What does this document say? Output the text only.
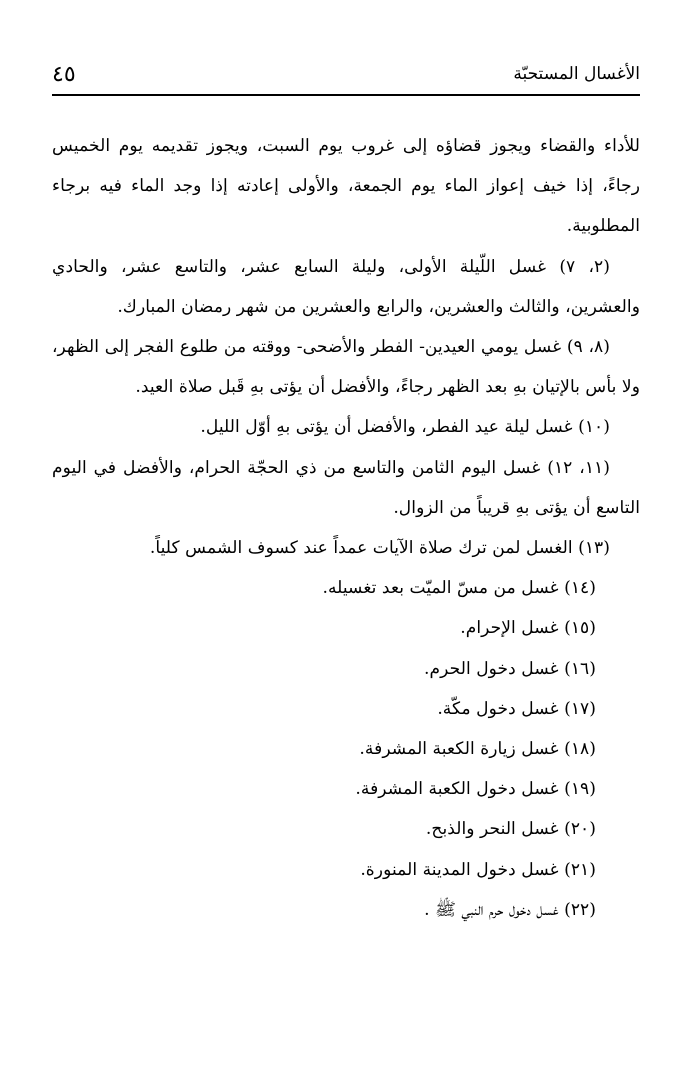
٤٥	الأغسال المستحبّة

للأداء والقضاء ويجوز قضاؤه إلى غروب يوم السبت، ويجوز تقديمه يوم الخميس رجاءً، إذا خيف إعواز الماء يوم الجمعة، والأولى إعادته إذا وجد الماء فيه برجاء المطلوبية.

(٢، ٧) غسل اللّيلة الأولى، وليلة السابع عشر، والتاسع عشر، والحادي والعشرين، والثالث والعشرين، والرابع والعشرين من شهر رمضان المبارك.

(٨، ٩) غسل يومي العيدين- الفطر والأضحى- ووقته من طلوع الفجر إلى الظهر، ولا بأس بالإتيان بهِ بعد الظهر رجاءً، والأفضل أن يؤتى بهِ قَبل صلاة العيد.

(١٠) غسل ليلة عيد الفطر، والأفضل أن يؤتى بهِ أوّل الليل.

(١١، ١٢) غسل اليوم الثامن والتاسع من ذي الحجّة الحرام، والأفضل في اليوم التاسع أن يؤتى بهِ قريباً من الزوال.

(١٣) الغسل لمن ترك صلاة الآيات عمداً عند كسوف الشمس كلياً.

(١٤) غسل من مسّ الميّت بعد تغسيله.

(١٥) غسل الإحرام.

(١٦) غسل دخول الحرم.

(١٧) غسل دخول مكّة.

(١٨) غسل زيارة الكعبة المشرفة.

(١٩) غسل دخول الكعبة المشرفة.

(٢٠) غسل النحر والذبح.

(٢١) غسل دخول المدينة المنورة.

(٢٢) غسل دخول حرم النبي ﷺ .
